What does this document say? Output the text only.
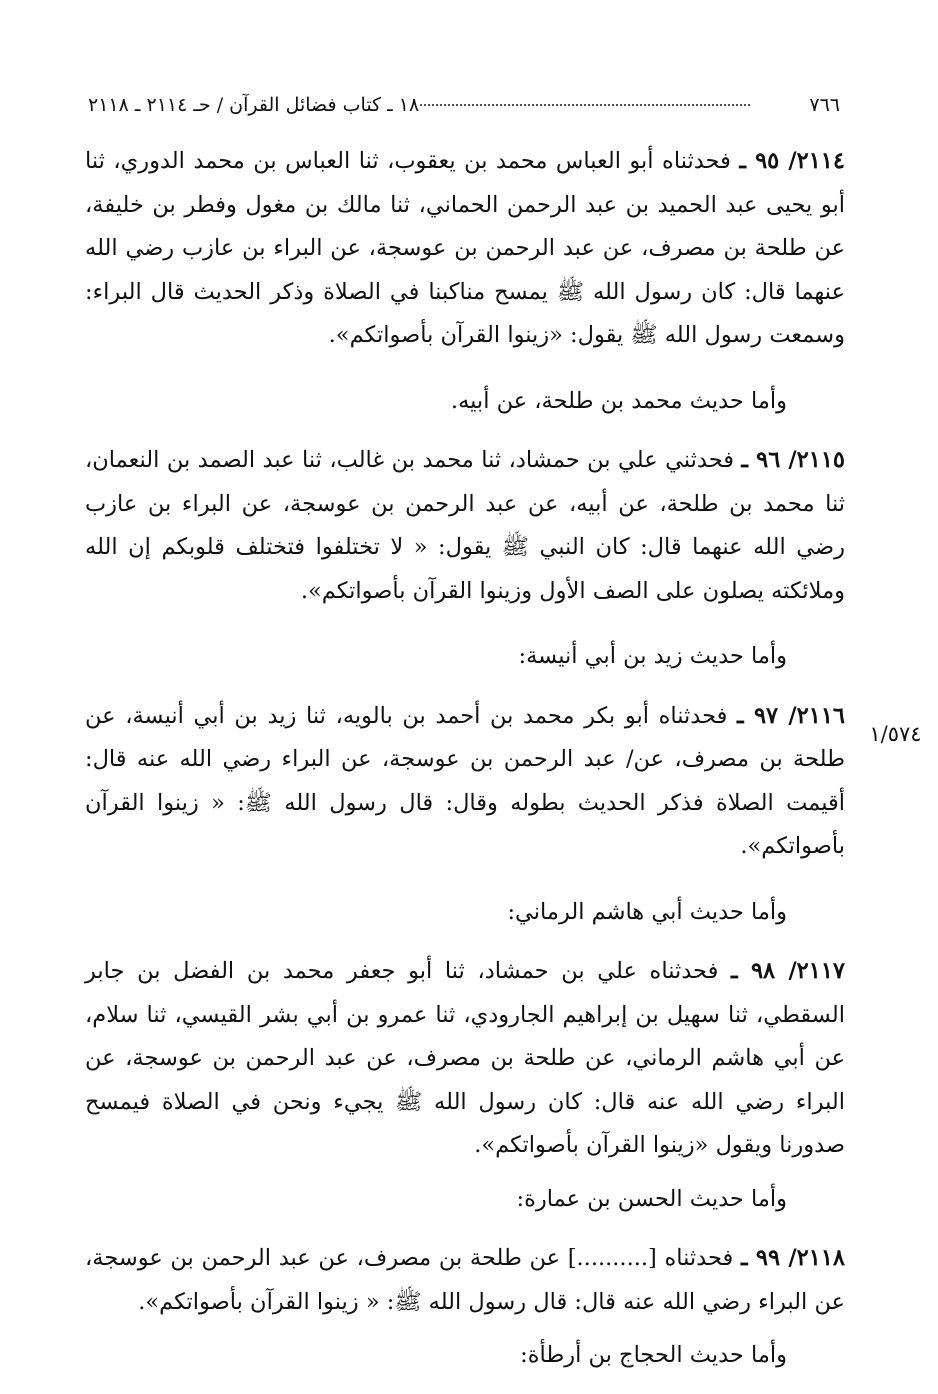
٧٦٦
١٨ ـ كتاب فضائل القرآن / حـ ٢١١٤ ـ ٢١١٨
١/٥٧٤

٢١١٤/ ٩٥ ـ فحدثناه أبو العباس محمد بن يعقوب، ثنا العباس بن محمد الدوري، ثنا أبو يحيى عبد الحميد بن عبد الرحمن الحماني، ثنا مالك بن مغول وفطر بن خليفة، عن طلحة بن مصرف، عن عبد الرحمن بن عوسجة، عن البراء بن عازب رضي الله عنهما قال: كان رسول الله ﷺ يمسح مناكبنا في الصلاة وذكر الحديث قال البراء: وسمعت رسول الله ﷺ يقول: «زينوا القرآن بأصواتكم».

وأما حديث محمد بن طلحة، عن أبيه.

٢١١٥/ ٩٦ ـ فحدثني علي بن حمشاد، ثنا محمد بن غالب، ثنا عبد الصمد بن النعمان، ثنا محمد بن طلحة، عن أبيه، عن عبد الرحمن بن عوسجة، عن البراء بن عازب رضي الله عنهما قال: كان النبي ﷺ يقول: « لا تختلفوا فتختلف قلوبكم إن الله وملائكته يصلون على الصف الأول وزينوا القرآن بأصواتكم».

وأما حديث زيد بن أبي أنيسة:

٢١١٦/ ٩٧ ـ فحدثناه أبو بكر محمد بن أحمد بن بالويه، ثنا زيد بن أبي أنيسة، عن طلحة بن مصرف، عن/ عبد الرحمن بن عوسجة، عن البراء رضي الله عنه قال: أقيمت الصلاة فذكر الحديث بطوله وقال: قال رسول الله ﷺ: « زينوا القرآن بأصواتكم».

وأما حديث أبي هاشم الرماني:

٢١١٧/ ٩٨ ـ فحدثناه علي بن حمشاد، ثنا أبو جعفر محمد بن الفضل بن جابر السقطي، ثنا سهيل بن إبراهيم الجارودي، ثنا عمرو بن أبي بشر القيسي، ثنا سلام، عن أبي هاشم الرماني، عن طلحة بن مصرف، عن عبد الرحمن بن عوسجة، عن البراء رضي الله عنه قال: كان رسول الله ﷺ يجيء ونحن في الصلاة فيمسح صدورنا ويقول «زينوا القرآن بأصواتكم».

وأما حديث الحسن بن عمارة:

٢١١٨/ ٩٩ ـ فحدثناه [..........] عن طلحة بن مصرف، عن عبد الرحمن بن عوسجة، عن البراء رضي الله عنه قال: قال رسول الله ﷺ: « زينوا القرآن بأصواتكم».

وأما حديث الحجاج بن أرطأة:
